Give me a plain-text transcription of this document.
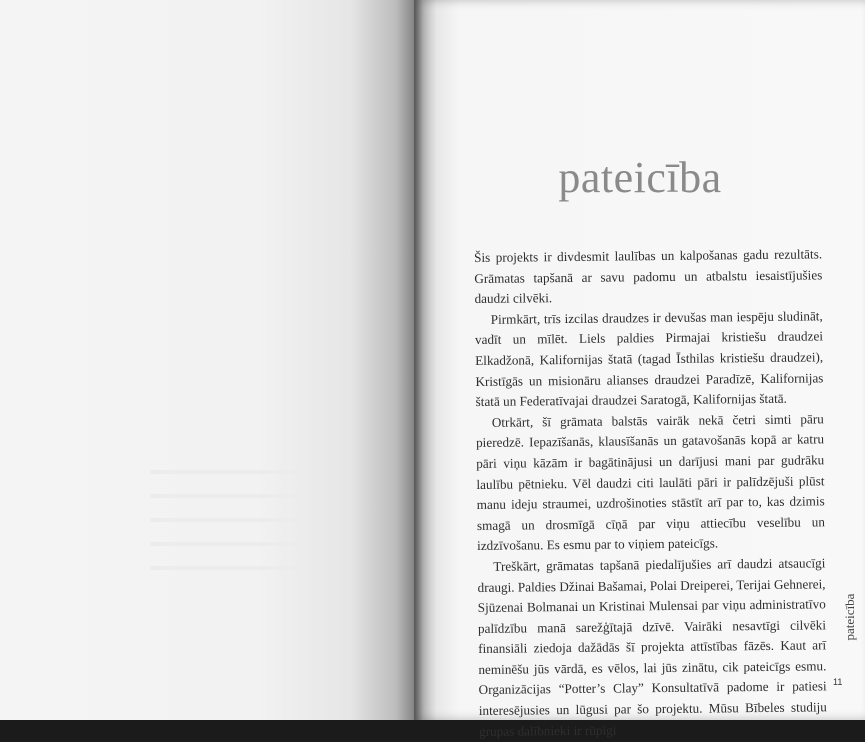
pateicība

Šis projekts ir divdesmit laulības un kalpošanas gadu rezultāts. Grāmatas tapšanā ar savu padomu un atbalstu iesaistījušies daudzi cilvēki.

Pirmkārt, trīs izcilas draudzes ir devušas man iespēju sludināt, vadīt un mīlēt. Liels paldies Pirmajai kristiešu draudzei Elkadžonā, Kalifornijas štatā (tagad Īsthilas kristiešu draudzei), Kristīgās un misionāru alianses draudzei Paradīzē, Kalifornijas štatā un Federatīvajai draudzei Saratogā, Kalifornijas štatā.

Otrkārt, šī grāmata balstās vairāk nekā četri simti pāru pieredzē. Iepazīšanās, klausīšanās un gatavošanās kopā ar katru pāri viņu kāzām ir bagātinājusi un darījusi mani par gudrāku laulību pētnieku. Vēl daudzi citi laulāti pāri ir palīdzējuši plūst manu ideju straumei, uzdrošinoties stāstīt arī par to, kas dzimis smagā un drosmīgā cīņā par viņu attiecību veselību un izdzīvošanu. Es esmu par to viņiem pateicīgs.

Treškārt, grāmatas tapšanā piedalījušies arī daudzi atsaucīgi draugi. Paldies Džinai Bašamai, Polai Dreiperei, Terijai Gehnerei, Sjūzenai Bolmanai un Kristinai Mulensai par viņu administratīvo palīdzību manā sarežģītajā dzīvē. Vairāki nesavtīgi cilvēki finansiāli ziedoja dažādās šī projekta attīstības fāzēs. Kaut arī neminēšu jūs vārdā, es vēlos, lai jūs zinātu, cik pateicīgs esmu. Organizācijas “Potter’s Clay” Konsultatīvā padome ir patiesi interesējusies un lūgusi par šo projektu. Mūsu Bībeles studiju grupas dalībnieki ir rūpīgi

pateicība
11
